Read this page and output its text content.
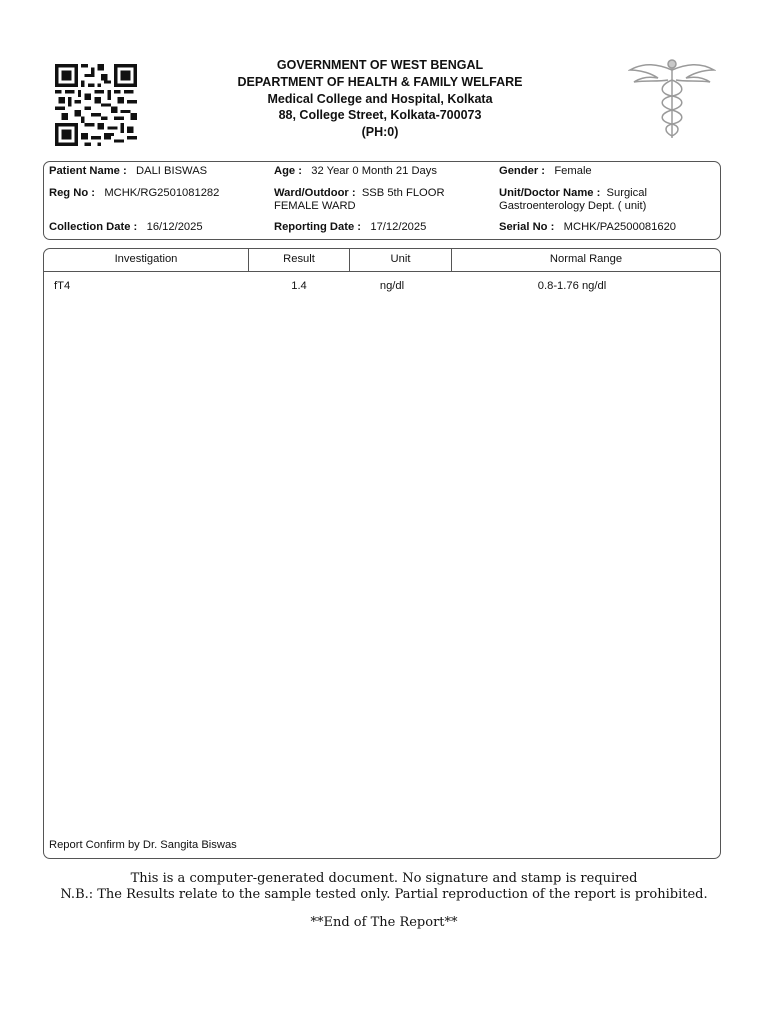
GOVERNMENT OF WEST BENGAL
DEPARTMENT OF HEALTH & FAMILY WELFARE
Medical College and Hospital, Kolkata
88, College Street, Kolkata-700073
(PH:0)
Patient Name : DALI BISWAS	Age : 32 Year 0 Month 21 Days	Gender : Female
Reg No : MCHK/RG2501081282	Ward/Outdoor : SSB 5th FLOOR
FEMALE WARD
Unit/Doctor Name : Surgical
Gastroenterology Dept. ( unit)
Collection Date : 16/12/2025	Reporting Date : 17/12/2025	Serial No : MCHK/PA2500081620
Investigation	Result	Unit	Normal Range
fT4	1.4	ng/dl	0.8-1.76 ng/dl
Report Confirm by Dr. Sangita Biswas
This is a computer-generated document. No signature and stamp is required
N.B.: The Results relate to the sample tested only. Partial reproduction of the report is prohibited.
**End of The Report**
